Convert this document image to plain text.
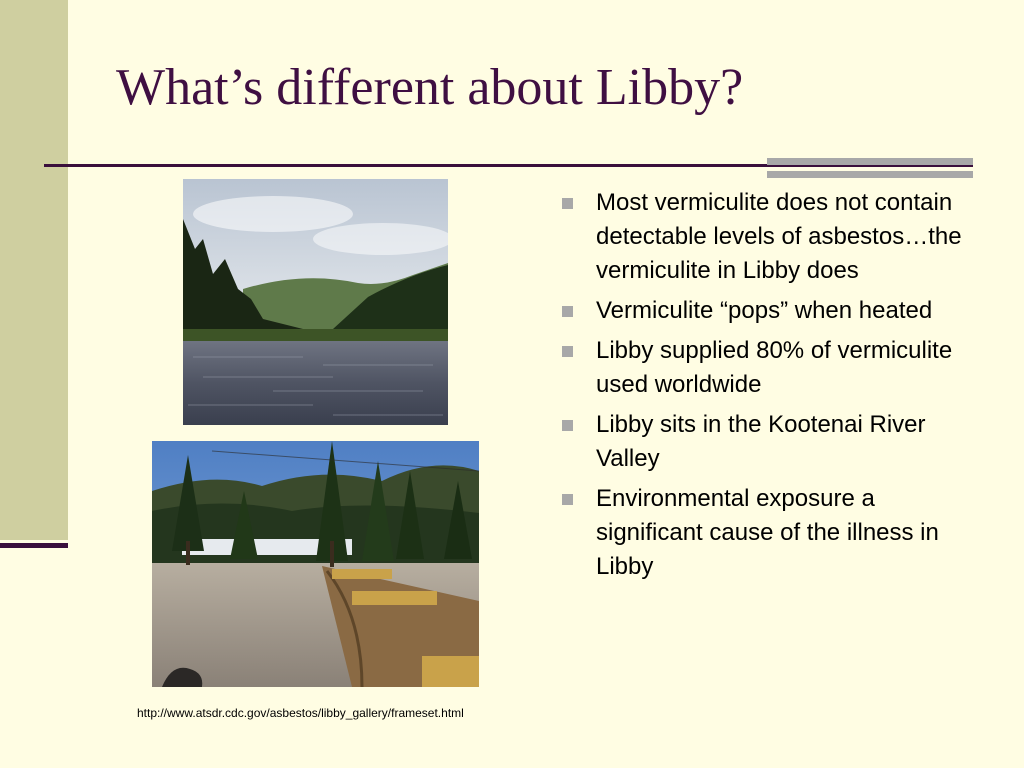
What’s different about Libby?
Most vermiculite does not contain detectable levels of asbestos…the vermiculite in Libby does
Vermiculite “pops” when heated
Libby supplied 80% of vermiculite used worldwide
Libby sits in the Kootenai River Valley
Environmental exposure a significant cause of the illness in Libby
http://www.atsdr.cdc.gov/asbestos/libby_gallery/frameset.html
